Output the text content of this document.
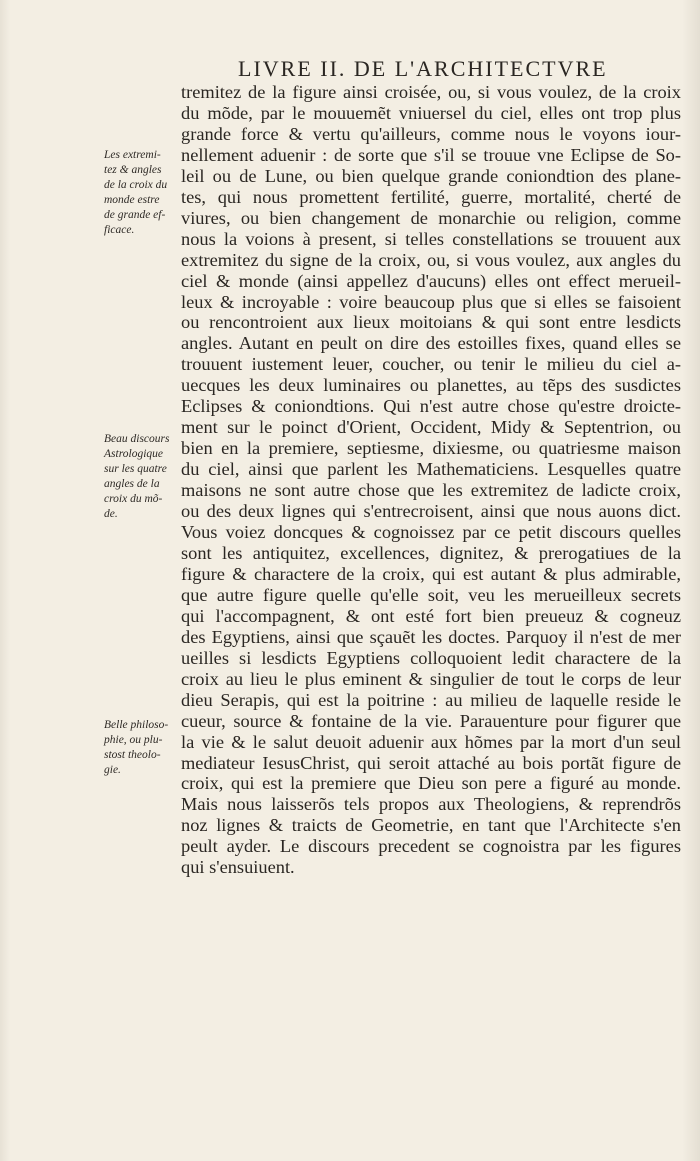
LIVRE II. DE L'ARCHITECTVRE
Les extremi-
tez & angles
de la croix du
monde estre
de grande ef-
ficace.
Beau discours
Astrologique
sur les quatre
angles de la
croix du mõ-
de.
Belle philoso-
phie, ou plu-
stost theolo-
gie.
tremitez de la figure ainsi croisée, ou, si vous voulez, de la croix
du mõde, par le mouuemẽt vniuersel du ciel, elles ont trop plus
grande force & vertu qu'ailleurs, comme nous le voyons iour-
nellement aduenir : de sorte que s'il se trouue vne Eclipse de So-
leil ou de Lune, ou bien quelque grande coniondtion des plane-
tes, qui nous promettent fertilité, guerre, mortalité, cherté de
viures, ou bien changement de monarchie ou religion, comme
nous la voions à present, si telles constellations se trouuent aux
extremitez du signe de la croix, ou, si vous voulez, aux angles du
ciel & monde (ainsi appellez d'aucuns) elles ont effect merueil-
leux & incroyable : voire beaucoup plus que si elles se faisoient
ou rencontroient aux lieux moitoians & qui sont entre lesdicts
angles. Autant en peult on dire des estoilles fixes, quand elles se
trouuent iustement leuer, coucher, ou tenir le milieu du ciel a-
uecques les deux luminaires ou planettes, au tẽps des susdictes
Eclipses & coniondtions. Qui n'est autre chose qu'estre droicte-
ment sur le poinct d'Orient, Occident, Midy & Septentrion, ou
bien en la premiere, septiesme, dixiesme, ou quatriesme maison
du ciel, ainsi que parlent les Mathematiciens. Lesquelles quatre
maisons ne sont autre chose que les extremitez de ladicte croix,
ou des deux lignes qui s'entrecroisent, ainsi que nous auons dict.
Vous voiez doncques & cognoissez par ce petit discours quelles
sont les antiquitez, excellences, dignitez, & prerogatiues de la
figure & charactere de la croix, qui est autant & plus admirable,
que autre figure quelle qu'elle soit, veu les merueilleux secrets
qui l'accompagnent, & ont esté fort bien preueuz & cogneuz
des Egyptiens, ainsi que sçauẽt les doctes. Parquoy il n'est de mer
ueilles si lesdicts Egyptiens colloquoient ledit charactere de la
croix au lieu le plus eminent & singulier de tout le corps de leur
dieu Serapis, qui est la poitrine : au milieu de laquelle reside le
cueur, source & fontaine de la vie. Parauenture pour figurer que
la vie & le salut deuoit aduenir aux hõmes par la mort d'un seul
mediateur IesusChrist, qui seroit attaché au bois portãt figure de
croix, qui est la premiere que Dieu son pere a figuré au monde.
Mais nous laisserõs tels propos aux Theologiens, & reprendrõs
noz lignes & traicts de Geometrie, en tant que l'Architecte s'en
peult ayder. Le discours precedent se cognoistra par les figures
qui s'ensuiuent.
